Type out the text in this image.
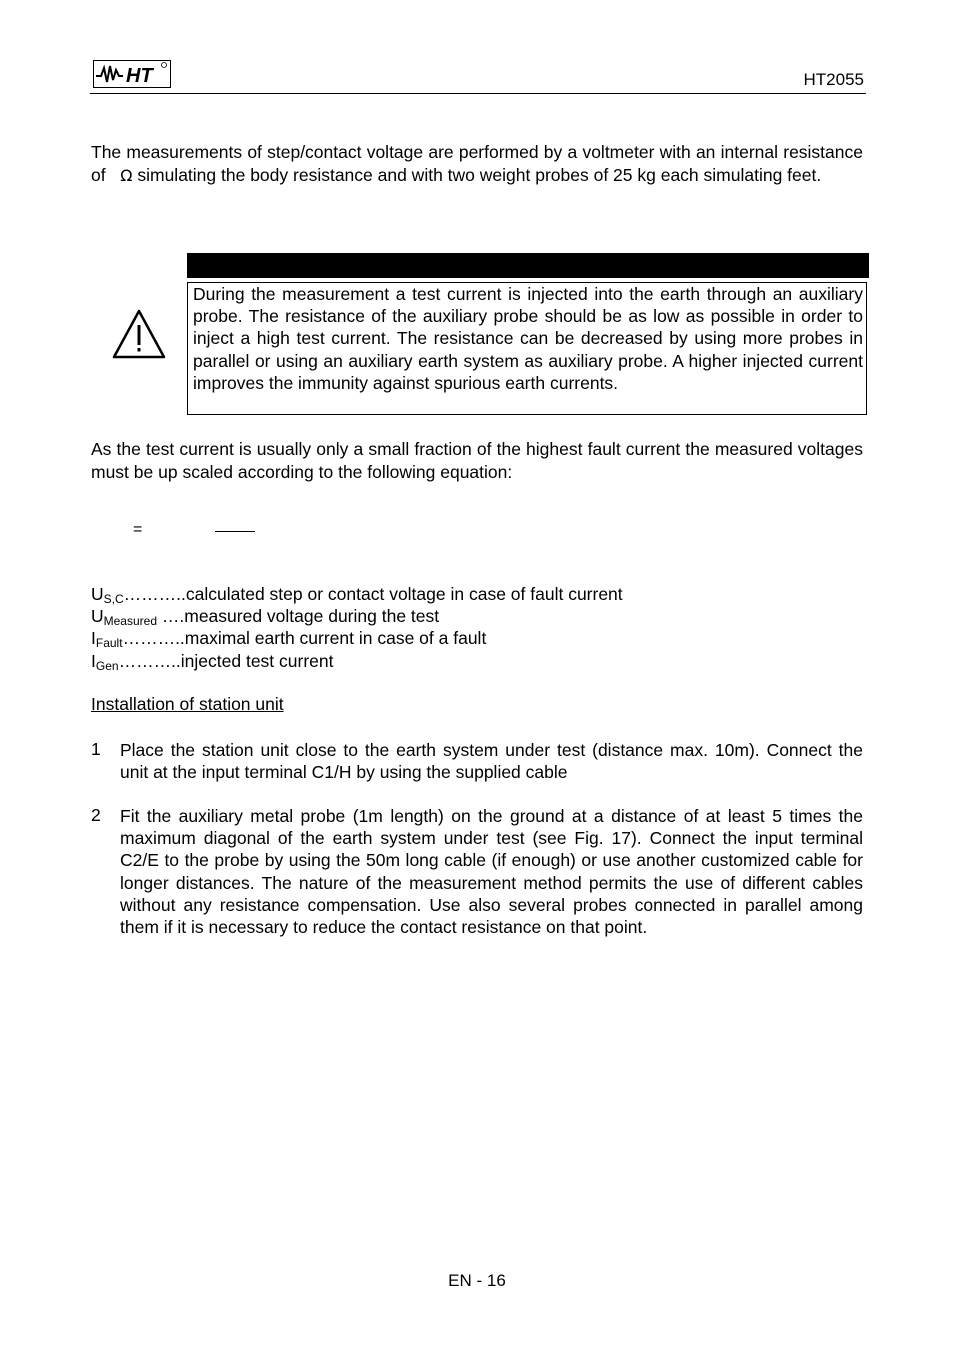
HT	HT2055
The measurements of step/contact voltage are performed by a voltmeter with an internal resistance of Ω simulating the body resistance and with two weight probes of 25 kg each simulating feet.
During the measurement a test current is injected into the earth through an auxiliary probe. The resistance of the auxiliary probe should be as low as possible in order to inject a high test current. The resistance can be decreased by using more probes in parallel or using an auxiliary earth system as auxiliary probe. A higher injected current improves the immunity against spurious earth currents.
As the test current is usually only a small fraction of the highest fault current the measured voltages must be up scaled according to the following equation:
=
$U_{S,C}\dots\dots\dots..calculated$ step or contact voltage in case of fault current
$U_{Measured}$ ….measured voltage during the test
$I_{Fault}\dots\dots\dots..maximal$ earth current in case of a fault
$I_{Gen}\dots\dots\dots..injected$ test current
Installation of station unit
1 Place the station unit close to the earth system under test (distance max. 10m). Connect the unit at the input terminal C1/H by using the supplied cable
2 Fit the auxiliary metal probe (1m length) on the ground at a distance of at least 5 times the maximum diagonal of the earth system under test (see Fig. 17). Connect the input terminal C2/E to the probe by using the 50m long cable (if enough) or use another customized cable for longer distances. The nature of the measurement method permits the use of different cables without any resistance compensation. Use also several probes connected in parallel among them if it is necessary to reduce the contact resistance on that point.
EN - 16
